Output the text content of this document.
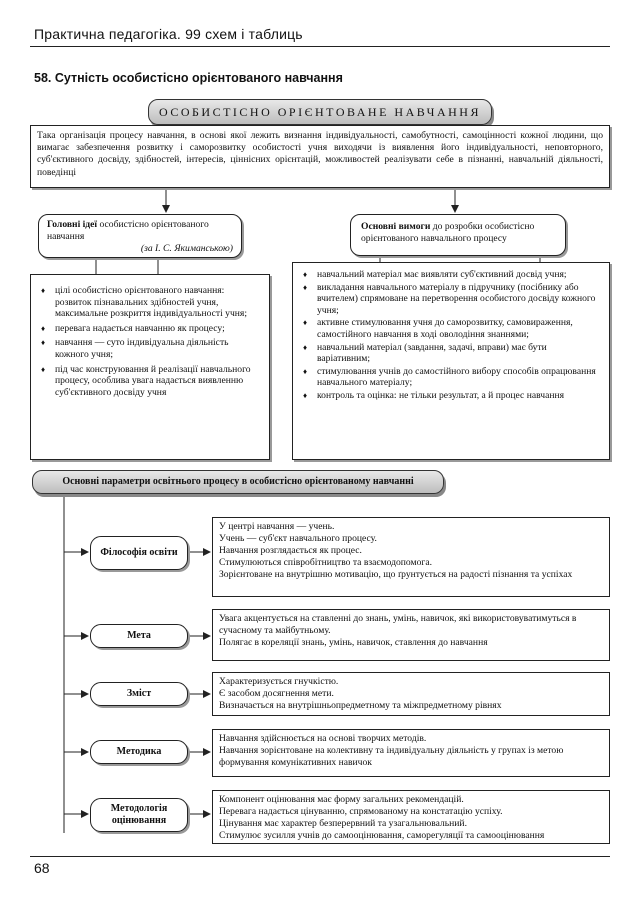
Практична педагогіка. 99 схем і таблиць
58. Сутність особистісно орієнтованого навчання
ОСОБИСТІСНО ОРІЄНТОВАНЕ НАВЧАННЯ
Така організація процесу навчання, в основі якої лежить визнання індивідуальності, самобутності, самоцінності кожної людини, що вимагає забезпечення розвитку і саморозвитку особистості учня виходячи із виявлення його індивідуальності, неповторного, суб'єктивного досвіду, здібностей, інтересів, ціннісних орієнтацій, можливостей реалізувати себе в пізнанні, навчальній діяльності, поведінці
Головні ідеї особистісно орієнтованого навчання
(за І. С. Якиманською)
♦ цілі особистісно орієнтованого навчання: розвиток пізнавальних здібностей учня, максимальне розкриття індивідуальності учня;
♦ перевага надається навчанню як процесу;
♦ навчання — суто індивідуальна діяльність кожного учня;
♦ під час конструювання й реалізації навчального процесу, особлива увага надається виявленню суб'єктивного досвіду учня
Основні вимоги до розробки особистісно орієнтованого навчального процесу
♦ навчальний матеріал має виявляти суб'єктивний досвід учня;
♦ викладання навчального матеріалу в підручнику (посібнику або вчителем) спрямоване на перетворення особистого досвіду кожного учня;
♦ активне стимулювання учня до саморозвитку, самовираження, самостійного навчання в ході оволодіння знаннями;
♦ навчальний матеріал (завдання, задачі, вправи) має бути варіативним;
♦ стимулювання учнів до самостійного вибору способів опрацювання навчального матеріалу;
♦ контроль та оцінка: не тільки результат, а й процес навчання
Основні параметри освітнього процесу в особистісно орієнтованому навчанні
Філософія освіти
У центрі навчання — учень.
Учень — суб'єкт навчального процесу.
Навчання розглядається як процес.
Стимулюються співробітництво та взаємодопомога.
Зорієнтоване на внутрішню мотивацію, що ґрунтується на радості пізнання та успіхах
Мета
Увага акцентується на ставленні до знань, умінь, навичок, які використовуватимуться в сучасному та майбутньому.
Полягає в кореляції знань, умінь, навичок, ставлення до навчання
Зміст
Характеризується гнучкістю.
Є засобом досягнення мети.
Визначається на внутрішньопредметному та міжпредметному рівнях
Методика
Навчання здійснюється на основі творчих методів.
Навчання зорієнтоване на колективну та індивідуальну діяльність у групах із метою формування комунікативних навичок
Методологія оцінювання
Компонент оцінювання має форму загальних рекомендацій.
Перевага надається цінуванню, спрямованому на констатацію успіху.
Цінування має характер безперервний та узагальнювальний.
Стимулює зусилля учнів до самооцінювання, саморегуляції та самооцінювання
68
